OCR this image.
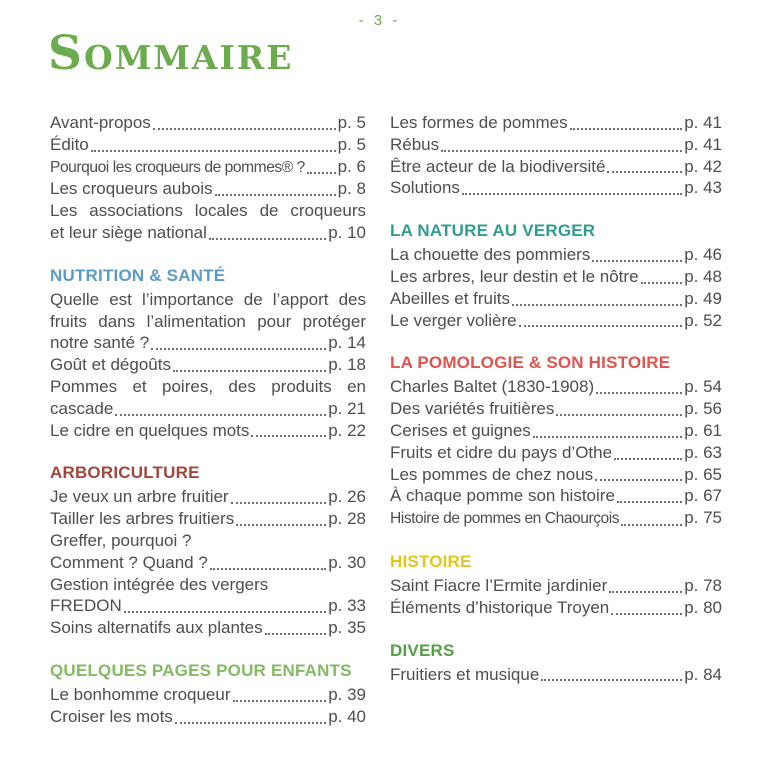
- 3 -
Sommaire
Avant-propos	p. 5
Édito	p. 5
Pourquoi les croqueurs de pommes® ? p. 6
Les croqueurs aubois	p. 8
Les associations locales de croqueurs
et leur siège national	p. 10
NUTRITION & SANTÉ
Quelle est l’importance de l’apport des
fruits dans l’alimentation pour protéger
notre santé ?	p. 14
Goût et dégoûts	p. 18
Pommes et poires, des produits en
cascade	p. 21
Le cidre en quelques mots	p. 22
ARBORICULTURE
Je veux un arbre fruitier	p. 26
Tailler les arbres fruitiers	p. 28
Greffer, pourquoi ?
Comment ? Quand ?	p. 30
Gestion intégrée des vergers
FREDON	p. 33
Soins alternatifs aux plantes	p. 35
QUELQUES PAGES POUR ENFANTS
Le bonhomme croqueur	p. 39
Croiser les mots	p. 40
Les formes de pommes	p. 41
Rébus	p. 41
Être acteur de la biodiversité	p. 42
Solutions	p. 43
LA NATURE AU VERGER
La chouette des pommiers	p. 46
Les arbres, leur destin et le nôtre	p. 48
Abeilles et fruits	p. 49
Le verger volière	p. 52
LA POMOLOGIE & SON HISTOIRE
Charles Baltet (1830-1908)	p. 54
Des variétés fruitières	p. 56
Cerises et guignes	p. 61
Fruits et cidre du pays d’Othe	p. 63
Les pommes de chez nous	p. 65
À chaque pomme son histoire	p. 67
Histoire de pommes en Chaourçois	p. 75
HISTOIRE
Saint Fiacre l’Ermite jardinier	p. 78
Éléments d’historique Troyen	p. 80
DIVERS
Fruitiers et musique	p. 84
